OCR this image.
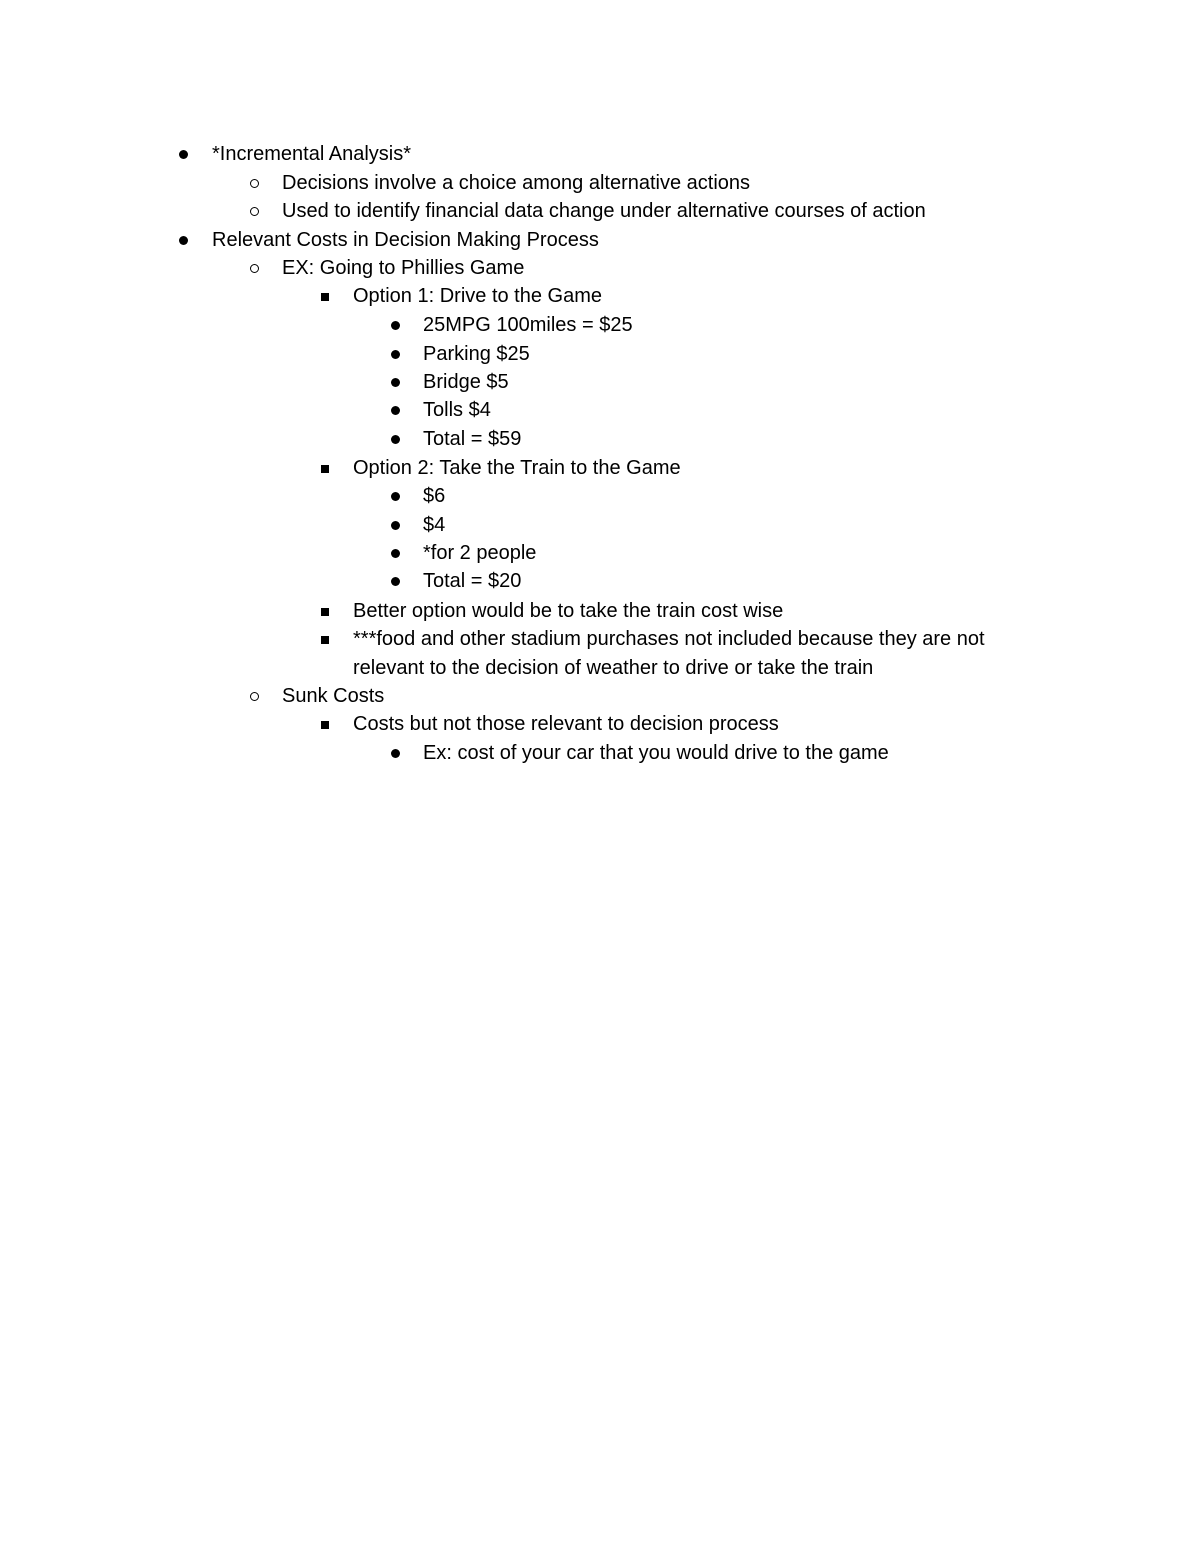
*Incremental Analysis*
Decisions involve a choice among alternative actions
Used to identify financial data change under alternative courses of action
Relevant Costs in Decision Making Process
EX: Going to Phillies Game
Option 1: Drive to the Game
25MPG 100miles = $25
Parking $25
Bridge $5
Tolls $4
Total = $59
Option 2: Take the Train to the Game
$6
$4
*for 2 people
Total = $20
Better option would be to take the train cost wise
***food and other stadium purchases not included because they are not
relevant to the decision of weather to drive or take the train
Sunk Costs
Costs but not those relevant to decision process
Ex: cost of your car that you would drive to the game
